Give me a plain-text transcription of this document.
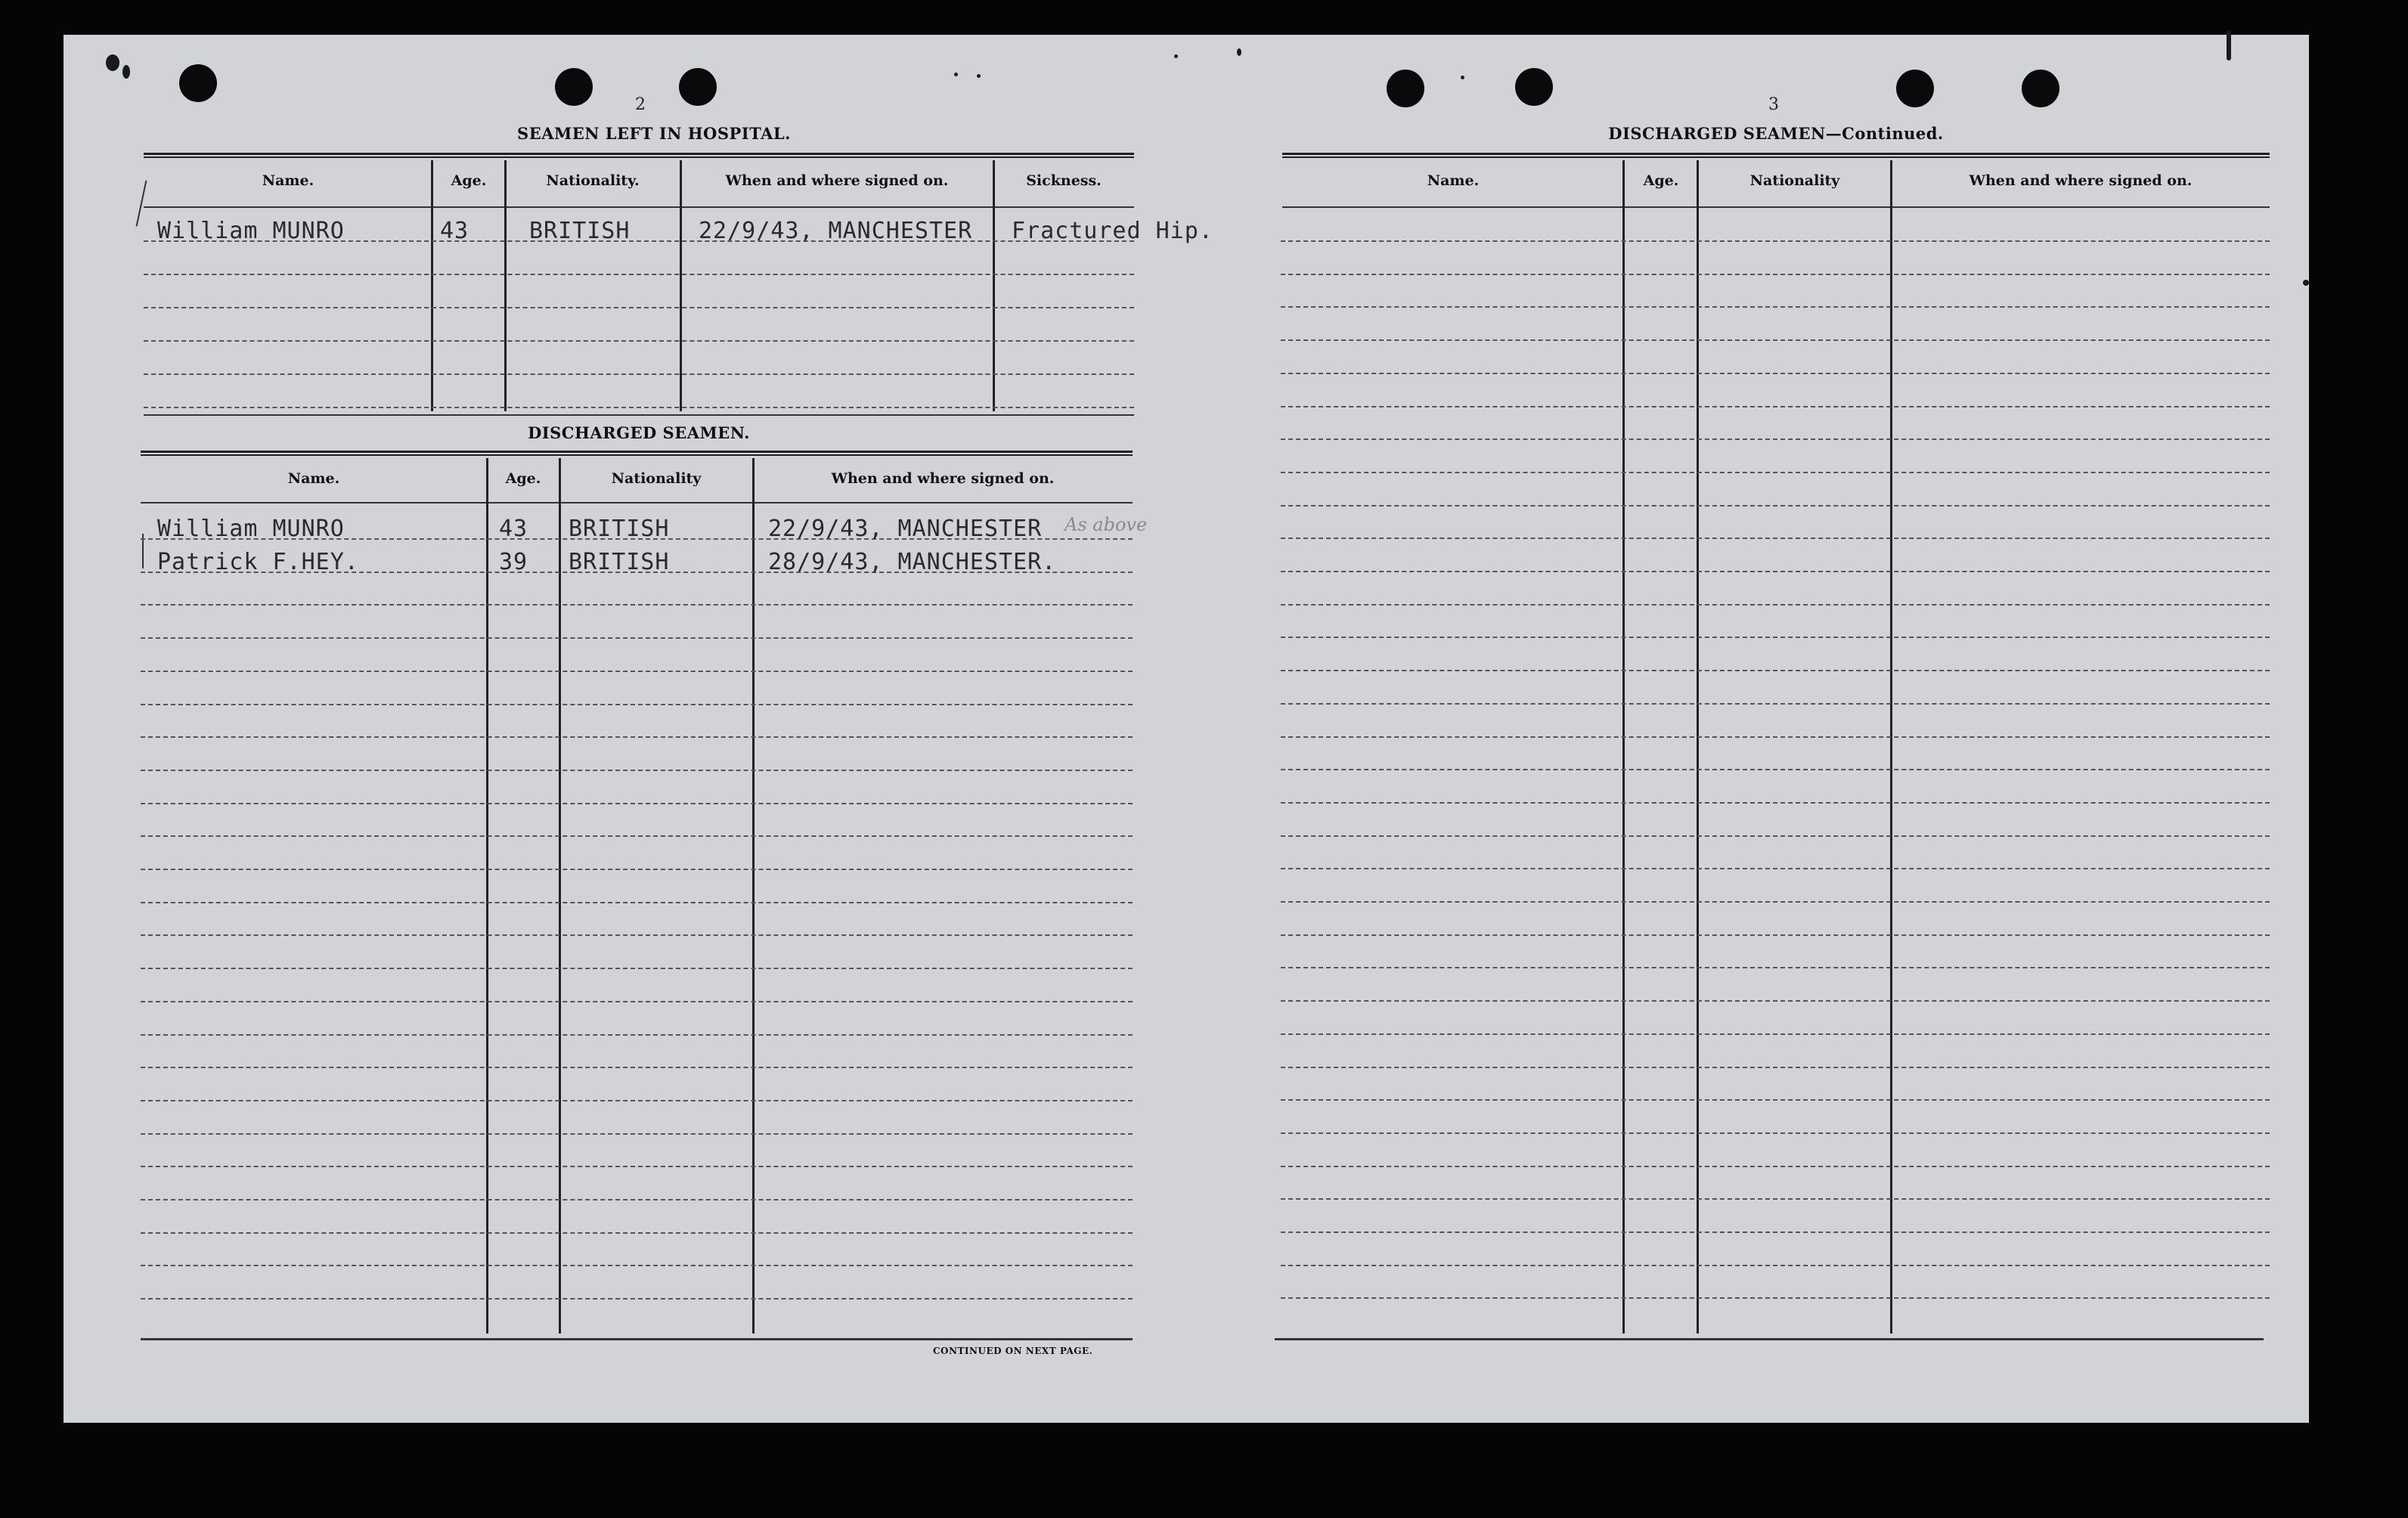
2
SEAMEN LEFT IN HOSPITAL.
Name.	Age.	Nationality.	When and where signed on.	Sickness.
William MUNRO	43	BRITISH	22/9/43, MANCHESTER Fractured Hip.
DISCHARGED SEAMEN.
Name.	Age.	Nationality	When and where signed on.
William MUNRO	43 BRITISH	22/9/43, MANCHESTER As above
Patrick F.HEY.	39 BRITISH	28/9/43, MANCHESTER.
CONTINUED ON NEXT PAGE.
3
DISCHARGED SEAMEN—Continued.
Name.	Age.	Nationality	When and where signed on.
